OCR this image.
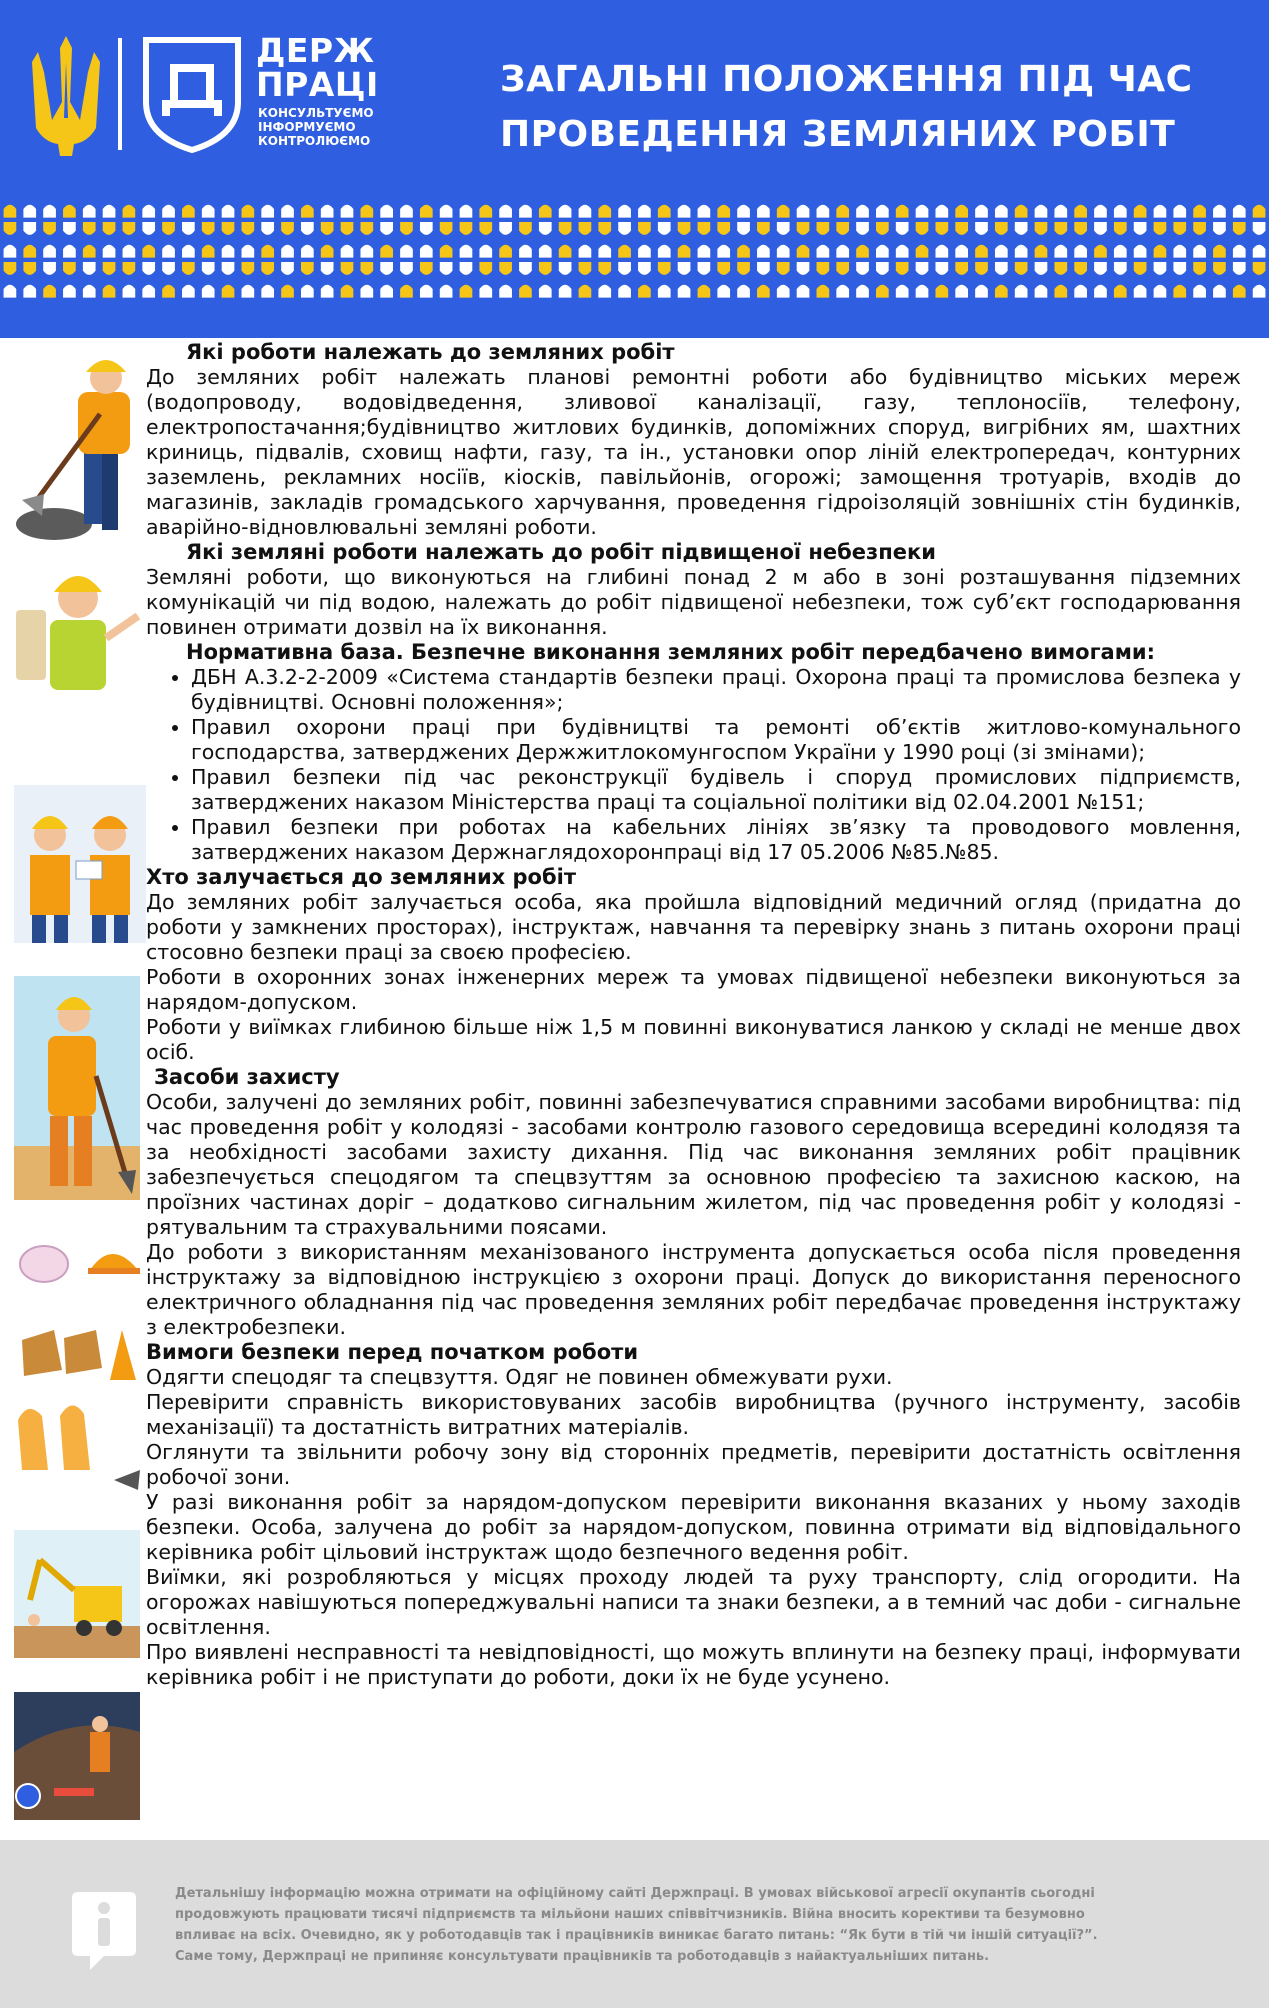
ДЕРЖ
ПРАЦІ
КОНСУЛЬТУЄМО
ІНФОРМУЄМО
КОНТРОЛЮЄМО
ЗАГАЛЬНІ ПОЛОЖЕННЯ ПІД ЧАС
ПРОВЕДЕННЯ ЗЕМЛЯНИХ РОБІТ
Які роботи належать до земляних робіт

До земляних робіт належать планові ремонтні роботи або будівництво міських мереж (водопроводу, водовідведення, зливової каналізації, газу, теплоносіїв, телефону, електропостачання;будівництво житлових будинків, допоміжних споруд, вигрібних ям, шахтних криниць, підвалів, сховищ нафти, газу, та ін., установки опор ліній електропередач, контурних заземлень, рекламних носіїв, кіосків, павільйонів, огорожі; замощення тротуарів, входів до магазинів, закладів громадського харчування, проведення гідроізоляцій зовнішніх стін будинків, аварійно-відновлювальні земляні роботи.

Які земляні роботи належать до робіт підвищеної небезпеки

Земляні роботи, що виконуються на глибині понад 2 м або в зоні розташування підземних комунікацій чи під водою, належать до робіт підвищеної небезпеки, тож суб’єкт господарювання повинен отримати дозвіл на їх виконання.

Нормативна база. Безпечне виконання земляних робіт передбачено вимогами:
• ДБН А.3.2-2-2009 «Система стандартів безпеки праці. Охорона праці та промислова безпека у будівництві. Основні положення»;
• Правил охорони праці при будівництві та ремонті об’єктів житлово-комунального господарства, затверджених Держжитлокомунгоспом України у 1990 році (зі змінами);
• Правил безпеки під час реконструкції будівель і споруд промислових підприємств, затверджених наказом Міністерства праці та соціальної політики від 02.04.2001 №151;
• Правил безпеки при роботах на кабельних лініях зв’язку та проводового мовлення, затверджених наказом Держнаглядохоронпраці від 17 05.2006 №85.№85.
Хто залучається до земляних робіт

До земляних робіт залучається особа, яка пройшла відповідний медичний огляд (придатна до роботи у замкнених просторах), інструктаж, навчання та перевірку знань з питань охорони праці стосовно безпеки праці за своєю професією.

Роботи в охоронних зонах інженерних мереж та умовах підвищеної небезпеки виконуються за нарядом-допуском.

Роботи у виїмках глибиною більше ніж 1,5 м повинні виконуватися ланкою у складі не менше двох осіб.

Засоби захисту

Особи, залучені до земляних робіт, повинні забезпечуватися справними засобами виробництва: під час проведення робіт у колодязі - засобами контролю газового середовища всередині колодязя та за необхідності засобами захисту дихання. Під час виконання земляних робіт працівник забезпечується спецодягом та спецвзуттям за основною професією та захисною каскою, на проїзних частинах доріг – додатково сигнальним жилетом, під час проведення робіт у колодязі - рятувальним та страхувальними поясами.

До роботи з використанням механізованого інструмента допускається особа після проведення інструктажу за відповідною інструкцією з охорони праці. Допуск до використання переносного електричного обладнання під час проведення земляних робіт передбачає проведення інструктажу з електробезпеки.

Вимоги безпеки перед початком роботи

Одягти спецодяг та спецвзуття. Одяг не повинен обмежувати рухи.

Перевірити справність використовуваних засобів виробництва (ручного інструменту, засобів механізації) та достатність витратних матеріалів.

Оглянути та звільнити робочу зону від сторонніх предметів, перевірити достатність освітлення робочої зони.

У разі виконання робіт за нарядом-допуском перевірити виконання вказаних у ньому заходів безпеки. Особа, залучена до робіт за нарядом-допуском, повинна отримати від відповідального керівника робіт цільовий інструктаж щодо безпечного ведення робіт.

Виїмки, які розробляються у місцях проходу людей та руху транспорту, слід огородити. На огорожах навішуються попереджувальні написи та знаки безпеки, а в темний час доби - сигнальне освітлення.

Про виявлені несправності та невідповідності, що можуть вплинути на безпеку праці, інформувати керівника робіт і не приступати до роботи, доки їх не буде усунено.

Детальнішу інформацію можна отримати на офіційному сайті Держпраці. В умовах військової агресії окупантів сьогодні
продовжують працювати тисячі підприємств та мільйони наших співвітчизників. Війна вносить корективи та безумовно
впливає на всіх. Очевидно, як у роботодавців так і працівників виникає багато питань: “Як бути в тій чи іншій ситуації?”.
Саме тому, Держпраці не припиняє консультувати працівників та роботодавців з найактуальніших питань.
